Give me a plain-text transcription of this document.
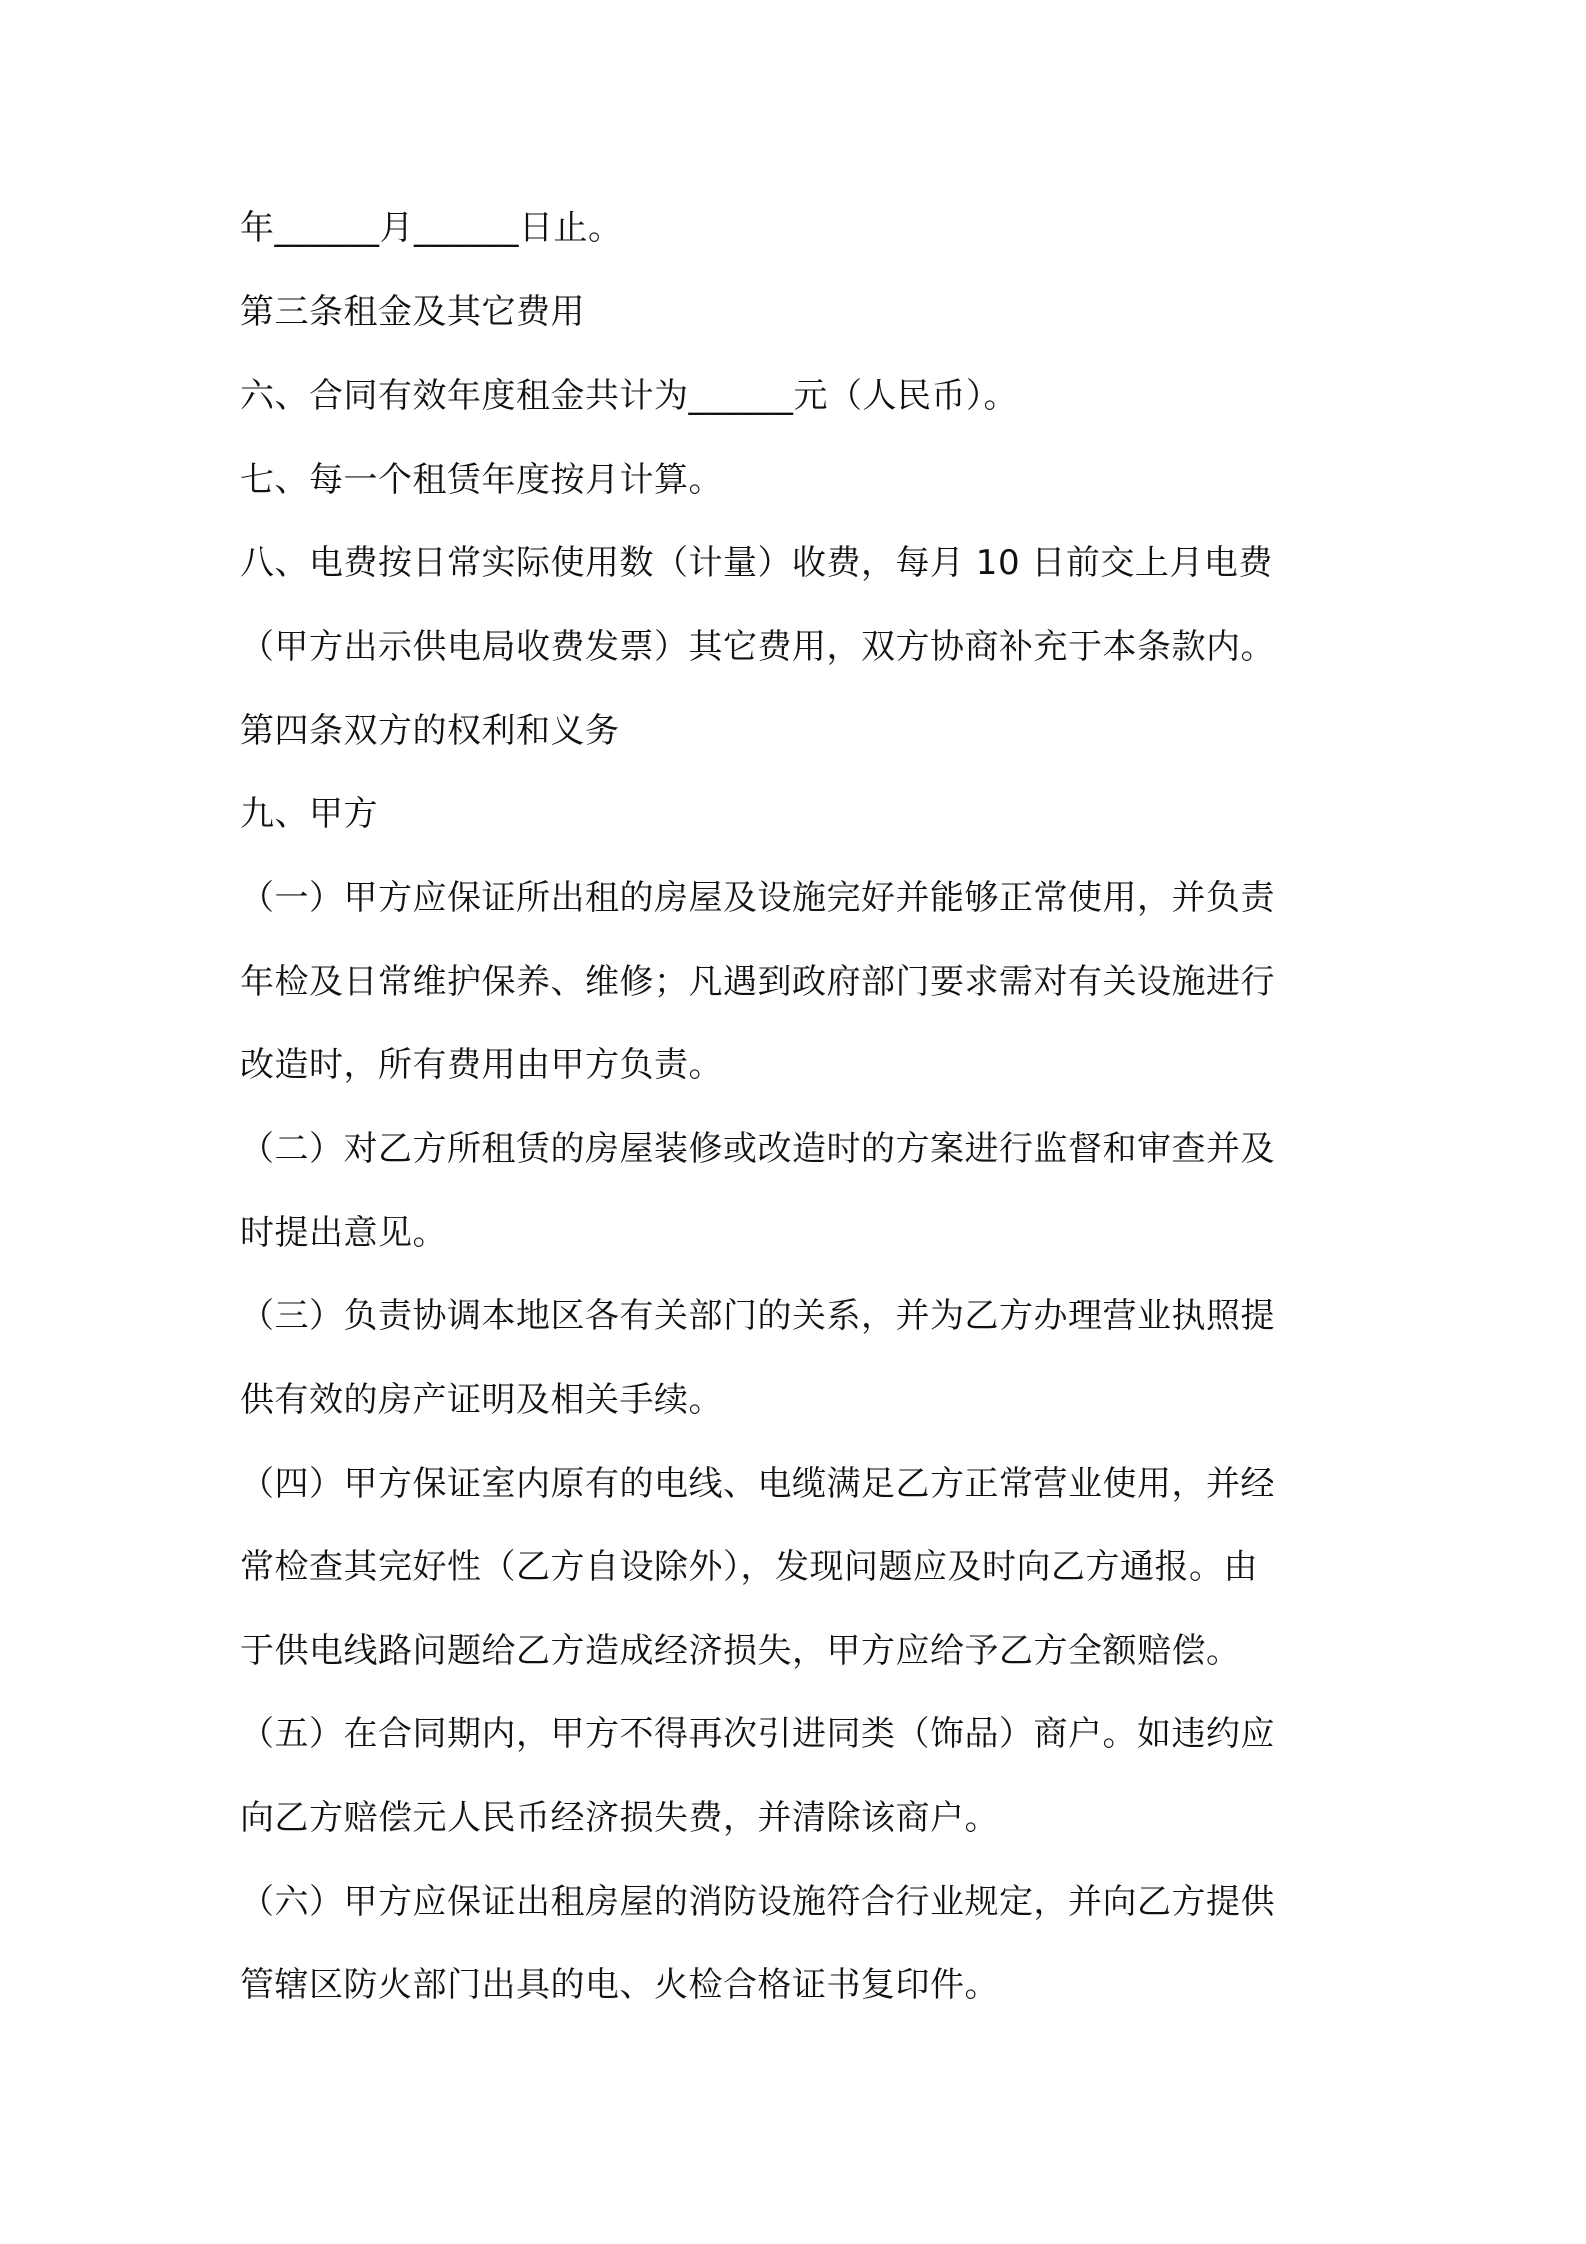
年______月______日止。
第三条租金及其它费用
六、合同有效年度租金共计为______元（人民币）。
七、每一个租赁年度按月计算。
八、电费按日常实际使用数（计量）收费，每月 10 日前交上月电费
（甲方出示供电局收费发票）其它费用，双方协商补充于本条款内。
第四条双方的权利和义务
九、甲方
（一）甲方应保证所出租的房屋及设施完好并能够正常使用，并负责
年检及日常维护保养、维修；凡遇到政府部门要求需对有关设施进行
改造时，所有费用由甲方负责。
（二）对乙方所租赁的房屋装修或改造时的方案进行监督和审查并及
时提出意见。
（三）负责协调本地区各有关部门的关系，并为乙方办理营业执照提
供有效的房产证明及相关手续。
（四）甲方保证室内原有的电线、电缆满足乙方正常营业使用，并经
常检查其完好性（乙方自设除外），发现问题应及时向乙方通报。由
于供电线路问题给乙方造成经济损失，甲方应给予乙方全额赔偿。
（五）在合同期内，甲方不得再次引进同类（饰品）商户。如违约应
向乙方赔偿元人民币经济损失费，并清除该商户。
（六）甲方应保证出租房屋的消防设施符合行业规定，并向乙方提供
管辖区防火部门出具的电、火检合格证书复印件。
